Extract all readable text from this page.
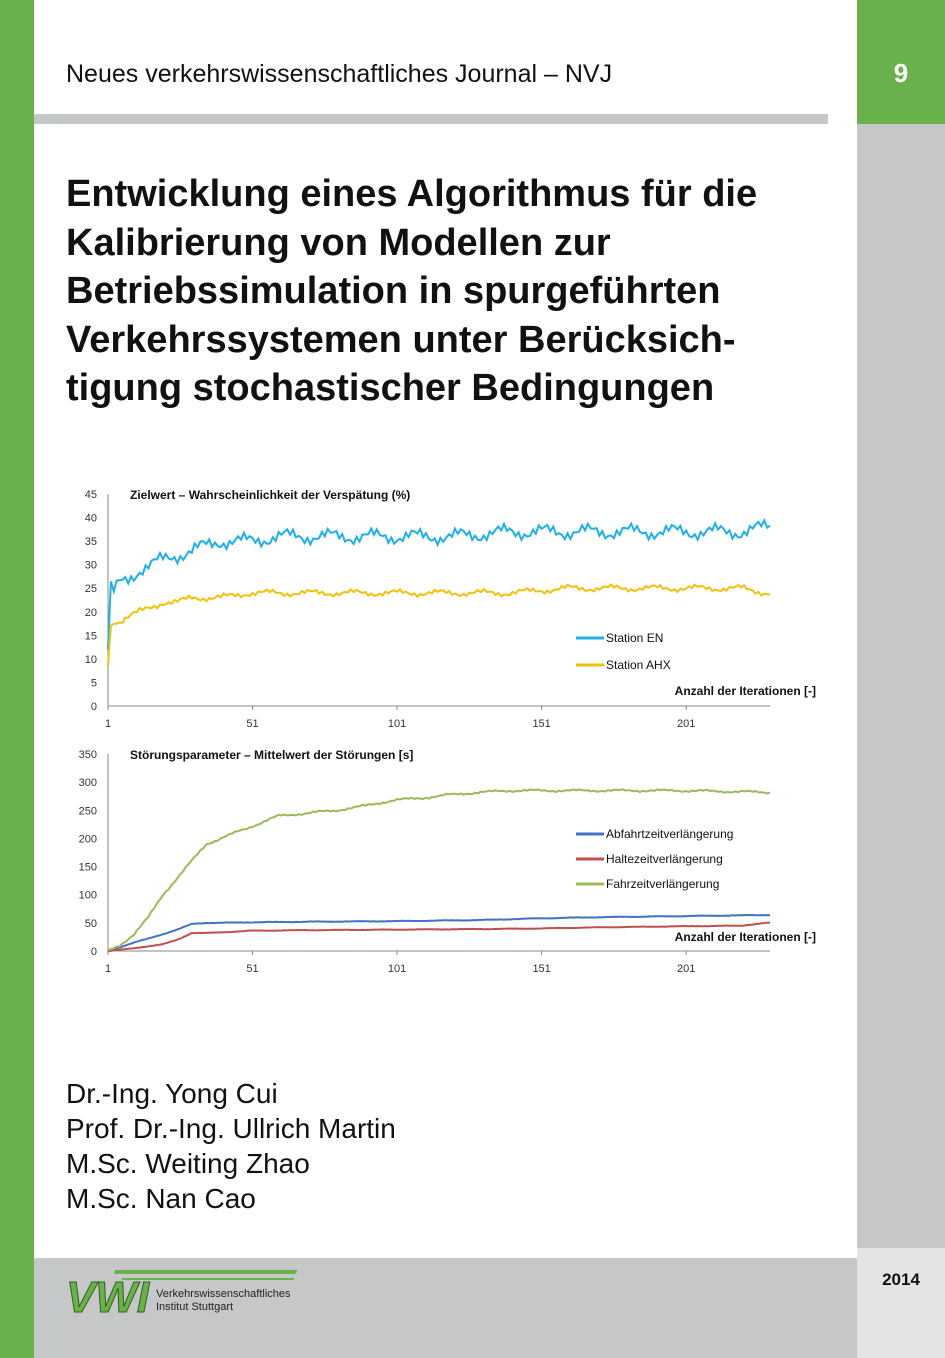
9
Neues verkehrswissenschaftliches Journal – NVJ
Entwicklung eines Algorithmus für die
Kalibrierung von Modellen zur
Betriebssimulation in spurgeführten
Verkehrssystemen unter Berücksich-
tigung stochastischer Bedingungen
0
5
10
15
20
25
30
35
40
45
1	51	101	151	201
Zielwert – Wahrscheinlichkeit der Verspätung (%)
Anzahl der Iterationen [-]
Station EN
Station AHX
0
50
100
150
200
250
300
350
1	51	101	151	201
Störungsparameter – Mittelwert der Störungen [s]
Anzahl der Iterationen [-]
Abfahrtzeitverlängerung
Haltezeitverlängerung
Fahrzeitverlängerung
Dr.-Ing. Yong Cui
Prof. Dr.-Ing. Ullrich Martin
M.Sc. Weiting Zhao
M.Sc. Nan Cao
2014
VWI Verkehrswissenschaftliches
Institut Stuttgart
